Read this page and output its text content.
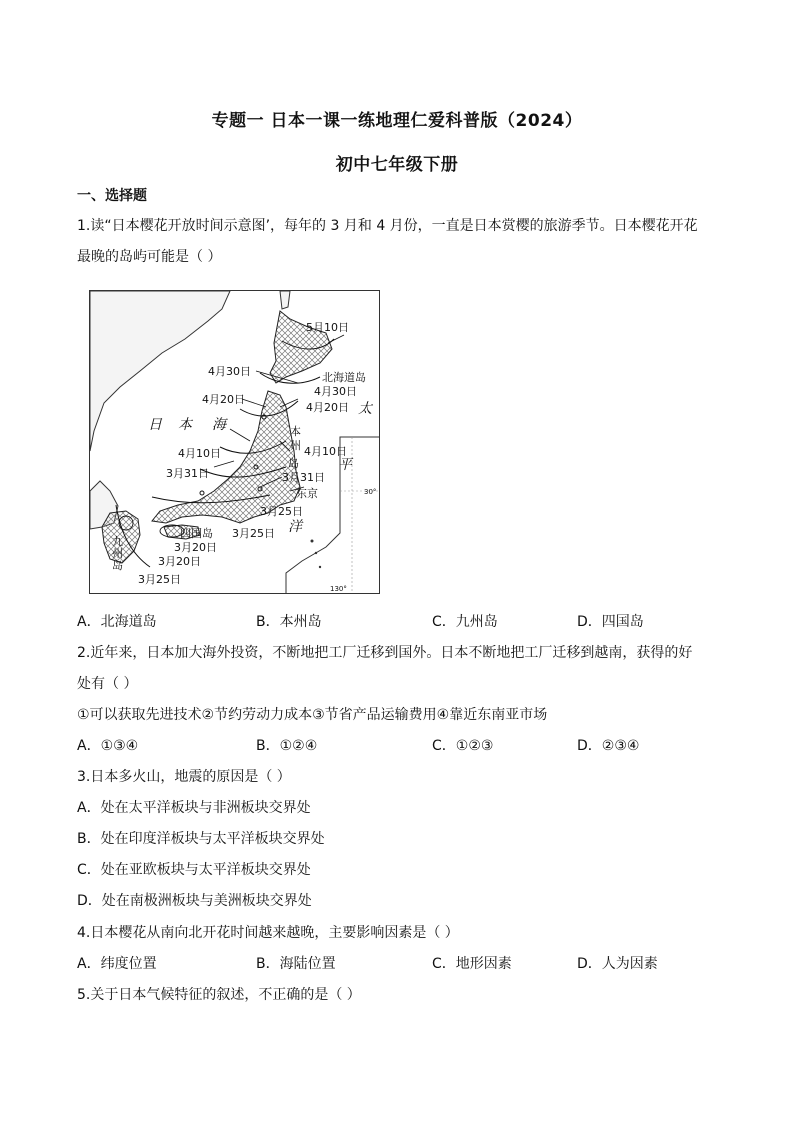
专题一 日本一课一练地理仁爱科普版（2024）
初中七年级下册
一、选择题
1.读“日本樱花开放时间示意图’，每年的 3 月和 4 月份，一直是日本赏樱的旅游季节。日本樱花开花
最晚的岛屿可能是（ ）
5月10日
4月30日	北海道岛
4月30日
4月20日
4月20日 太
日 本 海	本
州
4月10日	4月10日
岛	平
3月31日	3月31日
东京	30°
3月25日
洋
四国岛 3月25日
3月20日
九
州
岛	3月20日
3月25日
130°
A．北海道岛	B．本州岛	C．九州岛	D．四国岛
2.近年来，日本加大海外投资，不断地把工厂迁移到国外。日本不断地把工厂迁移到越南，获得的好
处有（ ）
①可以获取先进技术②节约劳动力成本③节省产品运输费用④靠近东南亚市场
A．①③④	B．①②④	C．①②③	D．②③④
3.日本多火山，地震的原因是（ ）
A．处在太平洋板块与非洲板块交界处
B．处在印度洋板块与太平洋板块交界处
C．处在亚欧板块与太平洋板块交界处
D．处在南极洲板块与美洲板块交界处
4.日本樱花从南向北开花时间越来越晚，主要影响因素是（ ）
A．纬度位置	B．海陆位置	C．地形因素	D．人为因素
5.关于日本气候特征的叙述，不正确的是（ ）
